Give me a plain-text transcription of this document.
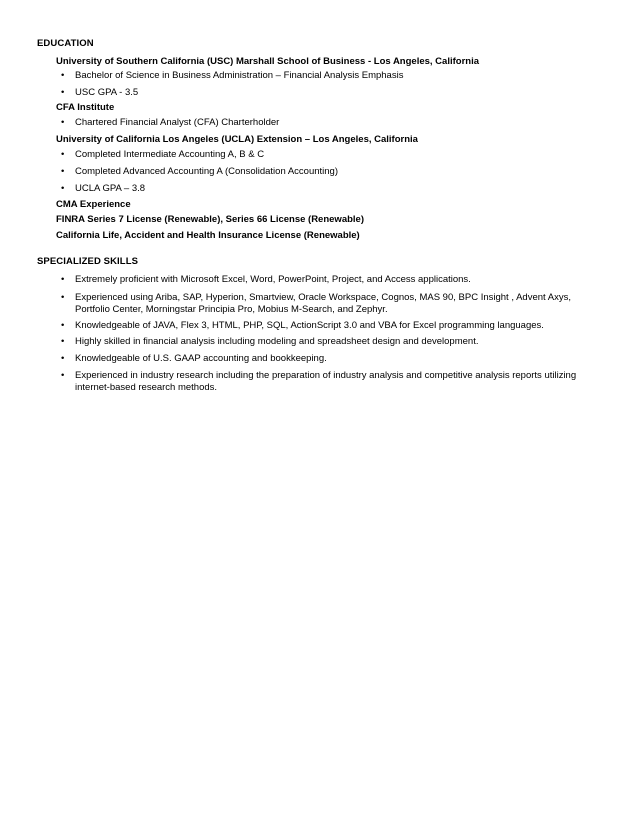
EDUCATION
University of Southern California (USC) Marshall School of Business - Los Angeles, California
• Bachelor of Science in Business Administration – Financial Analysis Emphasis
• USC GPA - 3.5
CFA Institute
• Chartered Financial Analyst (CFA) Charterholder
University of California Los Angeles (UCLA) Extension – Los Angeles, California
• Completed Intermediate Accounting A, B & C
• Completed Advanced Accounting A (Consolidation Accounting)
• UCLA GPA – 3.8
CMA Experience
FINRA Series 7 License (Renewable), Series 66 License (Renewable)
California Life, Accident and Health Insurance License (Renewable)
SPECIALIZED SKILLS
• Extremely proficient with Microsoft Excel, Word, PowerPoint, Project, and Access applications.
• Experienced using Ariba, SAP, Hyperion, Smartview, Oracle Workspace, Cognos, MAS 90, BPC Insight , Advent Axys, Portfolio Center, Morningstar Principia Pro, Mobius M-Search, and Zephyr.
• Knowledgeable of JAVA, Flex 3, HTML, PHP, SQL, ActionScript 3.0 and VBA for Excel programming languages.
• Highly skilled in financial analysis including modeling and spreadsheet design and development.
• Knowledgeable of U.S. GAAP accounting and bookkeeping.
• Experienced in industry research including the preparation of industry analysis and competitive analysis reports utilizing internet-based research methods.
